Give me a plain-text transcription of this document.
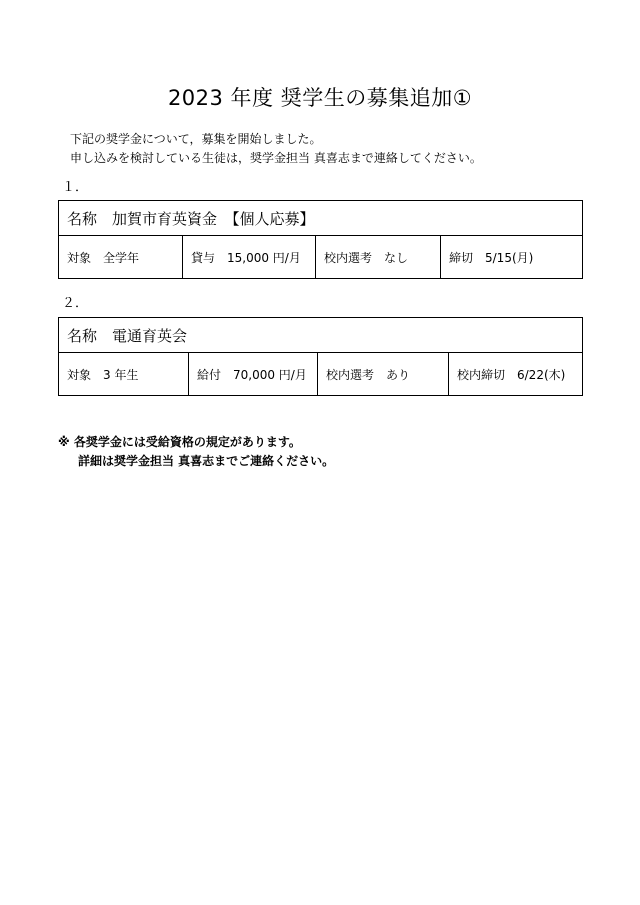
2023 年度 奨学生の募集追加①
下記の奨学金について，募集を開始しました。
申し込みを検討している生徒は，奨学金担当 真喜志まで連絡してください。
１．
名称　加賀市育英資金　【個人応募】
対象　全学年	貸与　15,000 円/月	校内選考　なし	締切　5/15(月)
２．
名称　電通育英会
対象　3 年生	給付　70,000 円/月	校内選考　あり	校内締切　6/22(木)
※ 各奨学金には受給資格の規定があります。
詳細は奨学金担当 真喜志までご連絡ください。
